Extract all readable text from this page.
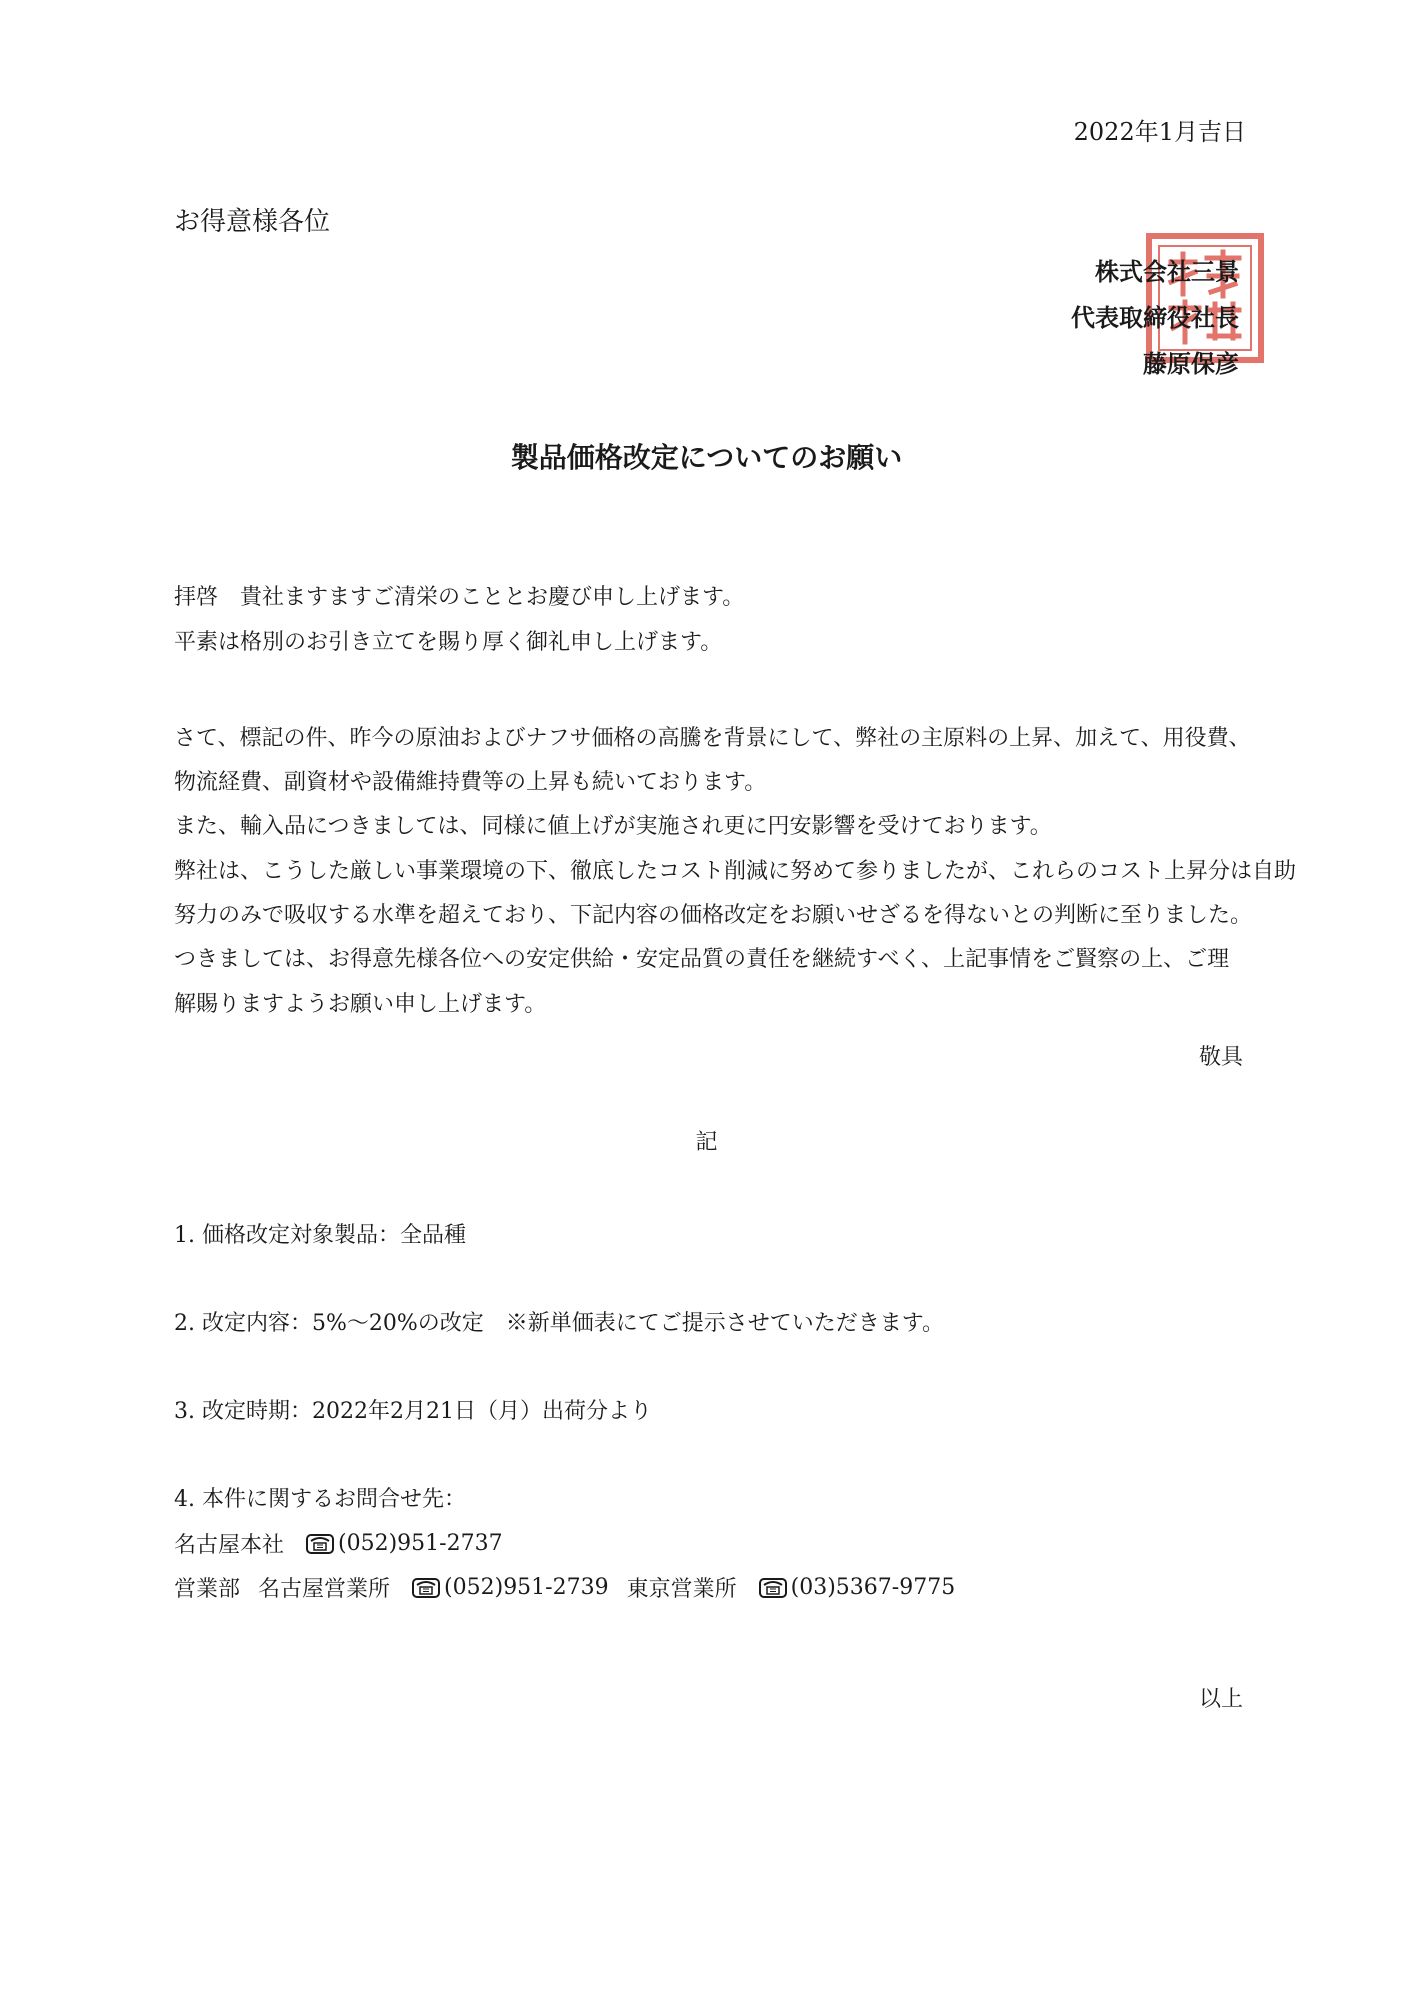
2022年1月吉日
お得意様各位
株式会社三景
代表取締役社長
藤原保彦
製品価格改定についてのお願い
拝啓　貴社ますますご清栄のこととお慶び申し上げます。
平素は格別のお引き立てを賜り厚く御礼申し上げます。
さて、標記の件、昨今の原油およびナフサ価格の高騰を背景にして、弊社の主原料の上昇、加えて、用役費、
物流経費、副資材や設備維持費等の上昇も続いております。
また、輸入品につきましては、同様に値上げが実施され更に円安影響を受けております。
弊社は、こうした厳しい事業環境の下、徹底したコスト削減に努めて参りましたが、これらのコスト上昇分は自助
努力のみで吸収する水準を超えており、下記内容の価格改定をお願いせざるを得ないとの判断に至りました。
つきましては、お得意先様各位への安定供給・安定品質の責任を継続すべく、上記事情をご賢察の上、ご理
解賜りますようお願い申し上げます。
敬具
記
1. 価格改定対象製品：全品種
2. 改定内容：5%～20%の改定　※新単価表にてご提示させていただきます。
3. 改定時期：2022年2月21日（月）出荷分より
4. 本件に関するお問合せ先：
名古屋本社 (052)951-2737
営業部 名古屋営業所 (052)951-2739 東京営業所 (03)5367-9775
以上
